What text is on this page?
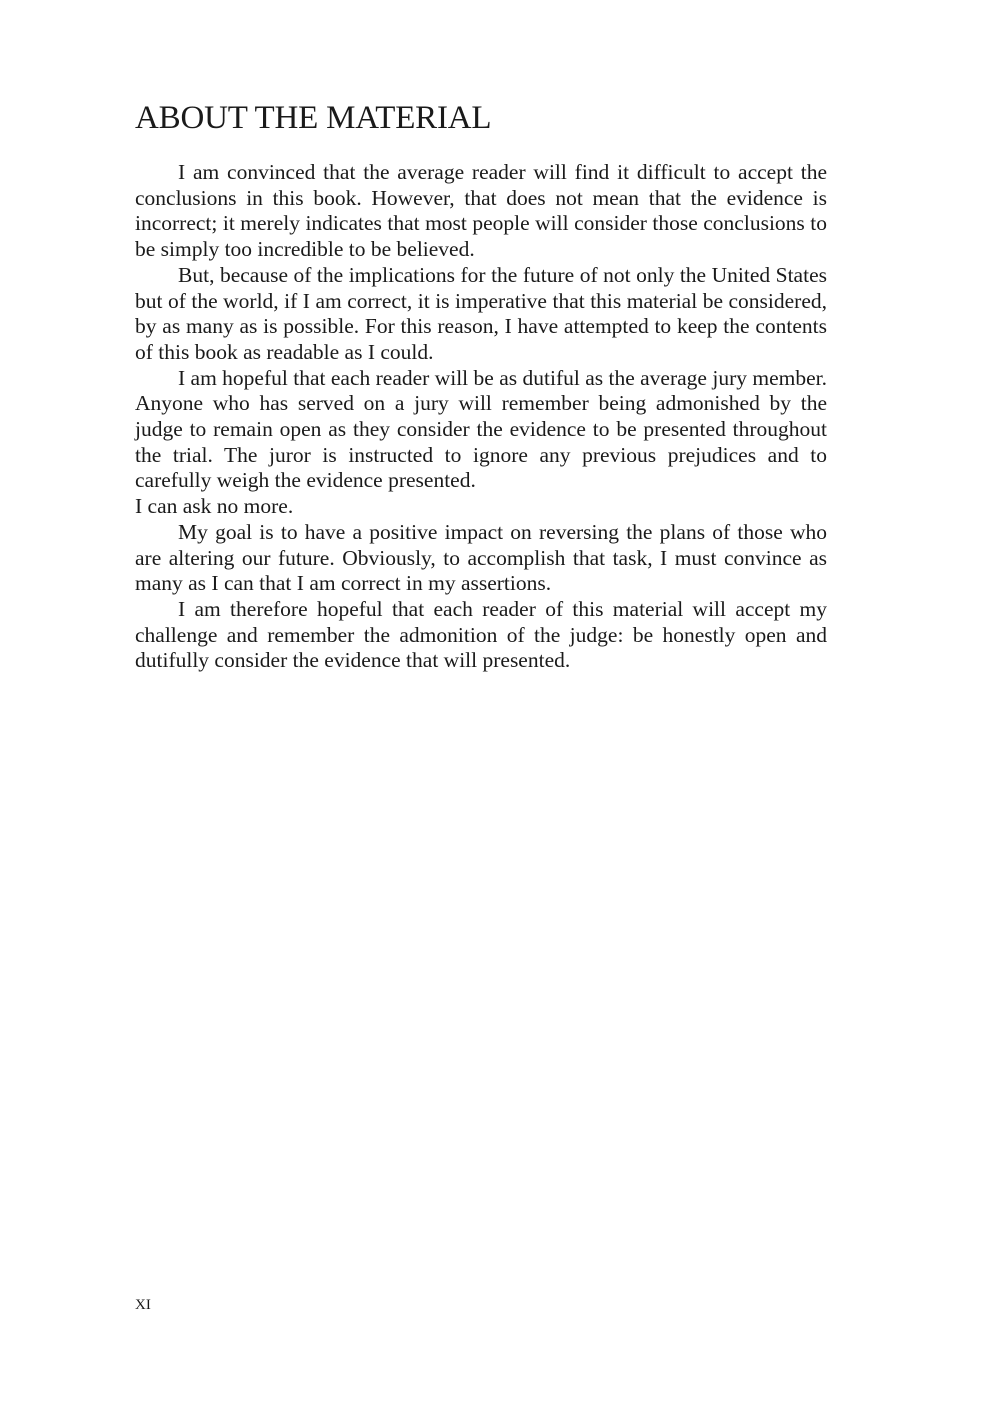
ABOUT THE MATERIAL

I am convinced that the average reader will find it difficult to accept the conclusions in this book. However, that does not mean that the evidence is incorrect; it merely indicates that most people will consider those conclusions to be simply too incredible to be believed.

But, because of the implications for the future of not only the United States but of the world, if I am correct, it is imperative that this material be considered, by as many as is possible. For this reason, I have attempted to keep the contents of this book as readable as I could.

I am hopeful that each reader will be as dutiful as the average jury member. Anyone who has served on a jury will remember being admonished by the judge to remain open as they consider the evidence to be presented throughout the trial. The juror is instructed to ignore any previous prejudices and to carefully weigh the evidence presented.

I can ask no more.

My goal is to have a positive impact on reversing the plans of those who are altering our future. Obviously, to accomplish that task, I must convince as many as I can that I am correct in my assertions.

I am therefore hopeful that each reader of this material will accept my challenge and remember the admonition of the judge: be honestly open and dutifully consider the evidence that will presented.

XI
